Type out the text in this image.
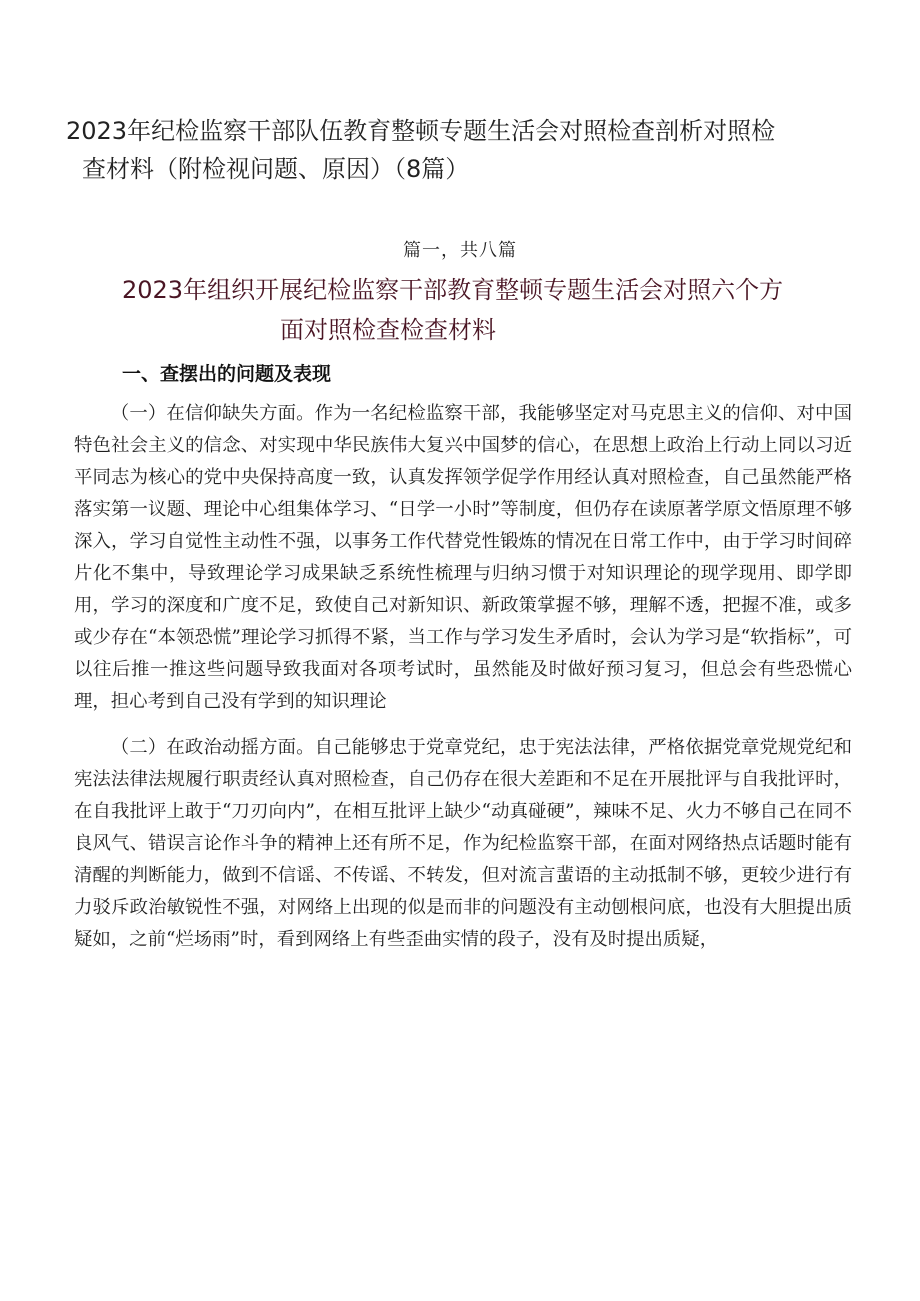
2023年纪检监察干部队伍教育整顿专题生活会对照检查剖析对照检
查材料（附检视问题、原因）（8篇）

篇一，共八篇

2023年组织开展纪检监察干部教育整顿专题生活会对照六个方
面对照检查检查材料
一、查摆出的问题及表现

（一）在信仰缺失方面。作为一名纪检监察干部，我能够坚定对马克思主义的信仰、对中国特色社会主义的信念、对实现中华民族伟大复兴中国梦的信心，在思想上政治上行动上同以习近平同志为核心的党中央保持高度一致，认真发挥领学促学作用经认真对照检查，自己虽然能严格落实第一议题、理论中心组集体学习、“日学一小时”等制度，但仍存在读原著学原文悟原理不够深入，学习自觉性主动性不强，以事务工作代替党性锻炼的情况在日常工作中，由于学习时间碎片化不集中，导致理论学习成果缺乏系统性梳理与归纳习惯于对知识理论的现学现用、即学即用，学习的深度和广度不足，致使自己对新知识、新政策掌握不够，理解不透，把握不准，或多或少存在“本领恐慌”理论学习抓得不紧，当工作与学习发生矛盾时，会认为学习是“软指标”，可以往后推一推这些问题导致我面对各项考试时，虽然能及时做好预习复习，但总会有些恐慌心理，担心考到自己没有学到的知识理论

（二）在政治动摇方面。自己能够忠于党章党纪，忠于宪法法律，严格依据党章党规党纪和宪法法律法规履行职责经认真对照检查，自己仍存在很大差距和不足在开展批评与自我批评时，在自我批评上敢于“刀刃向内”，在相互批评上缺少“动真碰硬”，辣味不足、火力不够自己在同不良风气、错误言论作斗争的精神上还有所不足，作为纪检监察干部，在面对网络热点话题时能有清醒的判断能力，做到不信谣、不传谣、不转发，但对流言蜚语的主动抵制不够，更较少进行有力驳斥政治敏锐性不强，对网络上出现的似是而非的问题没有主动刨根问底，也没有大胆提出质疑如，之前“烂场雨”时，看到网络上有些歪曲实情的段子，没有及时提出质疑，
